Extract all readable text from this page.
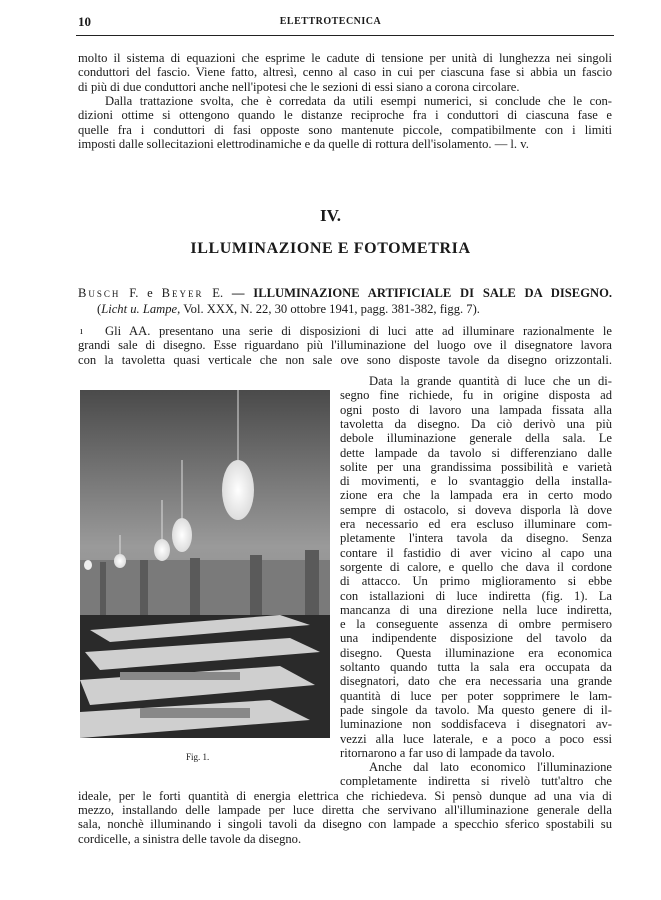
10	ELETTROTECNICA
molto il sistema di equazioni che esprime le cadute di tensione per unità di lunghezza nei singoli
conduttori del fascio. Viene fatto, altresì, cenno al caso in cui per ciascuna fase si abbia un fascio
di più di due conduttori anche nell'ipotesi che le sezioni di essi siano a corona circolare.
Dalla trattazione svolta, che è corredata da utili esempi numerici, si conclude che le con-
dizioni ottime si ottengono quando le distanze reciproche fra i conduttori di ciascuna fase e
quelle fra i conduttori di fasi opposte sono mantenute piccole, compatibilmente con i limiti
imposti dalle sollecitazioni elettrodinamiche e da quelle di rottura dell'isolamento. — l. v.
IV.
ILLUMINAZIONE E FOTOMETRIA
Busch F. e Beyer E. — ILLUMINAZIONE ARTIFICIALE DI SALE DA DISEGNO.
(Licht u. Lampe, Vol. XXX, N. 22, 30 ottobre 1941, pagg. 381-382, figg. 7).
ı Gli AA. presentano una serie di disposizioni di luci atte ad illuminare razionalmente le
grandi sale di disegno. Esse riguardano più l'illuminazione del luogo ove il disegnatore lavora
con la tavoletta quasi verticale che non sale ove sono disposte tavole da disegno orizzontali.
Data la grande quantità di luce che un di-
segno fine richiede, fu in origine disposta ad
ogni posto di lavoro una lampada fissata alla
tavoletta da disegno. Da ciò derivò una più
debole illuminazione generale della sala. Le
dette lampade da tavolo si differenziano dalle
solite per una grandissima possibilità e varietà
di movimenti, e lo svantaggio della installa-
zione era che la lampada era in certo modo
sempre di ostacolo, si doveva disporla là dove
era necessario ed era escluso illuminare com-
pletamente l'intera tavola da disegno. Senza
contare il fastidio di aver vicino al capo una
sorgente di calore, e quello che dava il cordone
di attacco. Un primo miglioramento si ebbe
con istallazioni di luce indiretta (fig. 1). La
mancanza di una direzione nella luce indiretta,
e la conseguente assenza di ombre permisero
una indipendente disposizione del tavolo da
disegno. Questa illuminazione era economica
soltanto quando tutta la sala era occupata da
disegnatori, dato che era necessaria una grande
quantità di luce per poter sopprimere le lam-
pade singole da tavolo. Ma questo genere di il-
luminazione non soddisfaceva i disegnatori av-
vezzi alla luce laterale, e a poco a poco essi
ritornarono a far uso di lampade da tavolo.
Anche dal lato economico l'illuminazione
completamente indiretta si rivelò tutt'altro che
Fig. 1.
ideale, per le forti quantità di energia elettrica che richiedeva. Si pensò dunque ad una via di
mezzo, installando delle lampade per luce diretta che servivano all'illuminazione generale della
sala, nonchè illuminando i singoli tavoli da disegno con lampade a specchio sferico spostabili su
cordicelle, a sinistra delle tavole da disegno.
